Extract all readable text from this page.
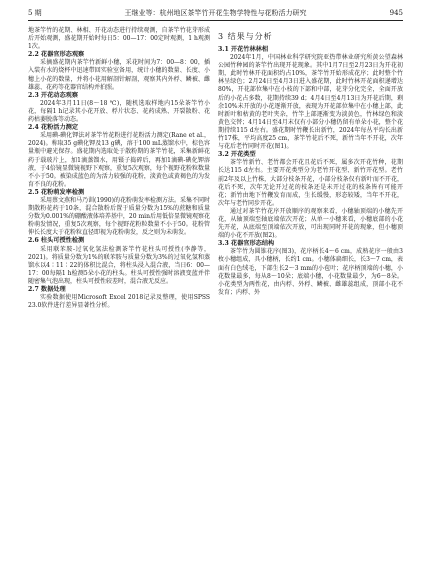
5 期	王继业等：杭州地区茶竿竹开花生物学特性与花粉活力研究	945

地茶竿竹的花期、林相、开花动态进行持续观测，自茶竿竹花芽形成后开始观测，盛花期开始时每日5：00—17：00定时观测，1 h观测1次。

2.2 花器官形态观察

采摘盛花期内茶竿竹新鲜小穗，采花时间为7：00—8：00，插入装有水的烧杯中迅速带回实验室备用，统计小穗的数量、长度、小穗上小花的数量，并将小花用解剖针解剖，观察其内外稃、鳞被、雌雄蕊、花药等花器官结构并拍照。

2.3 开花动态观察

2024年3月11日(8～18 ℃)，随机选取样地内15朵茶竿竹小花，每隔1 h记录其小花开放、稃片状态、花药成熟、开裂散粉、花药枯萎脱落等动态。

2.4 花粉活力测定

采用碘-碘化钾法对茶竿竹花粉进行花粉活力测定(Rane et al.，2024)。称取35 g碘化钾及13 g碘，溶于100 mL蒸馏水中，棕色容量瓶中避光保存。盛花期内选取处于散粉期的茶竿竹花，采集新鲜花药于载玻片上，加1滴蒸馏水，用镊子捣碎后，再加1滴碘-碘化钾溶液，于4倍镜显微镜视野下观察，重复5次观察，每个视野花粉粒数量不小于50。被染成蓝色的为活力较强的花粉，淡黄色或黄褐色的为发育不良的花粉。

2.5 花粉萌发率检测

采用蔡文燕和马乃训(1990)的花粉萌发率检测方法。采集不同时期散粉花药于10条，混合散粉后置于质量分数为15%的蔗糖和质量分数为0.001%的硼酸液体培养基中，20 min后用低倍显微镜观察花粉萌发情况，重复5次观察，每个视野花粉粒数量不小于50。花粉管伸长长度大于花粉粒直径即视为花粉萌发，反之则为未萌发。

2.6 柱头可授性检测

采用联苯胺-过氧化氢法检测茶竿竹花柱头可授性(李静等，2021)。将质量分数为1%的联苯胺与质量分数为3%的过氧化氢和蒸馏水以4∶11∶22的体积比混合，将柱头浸入混合液，当日6：00—17：00每隔1 h检测5朵小花的柱头。柱头可授性强时溶液变蓝并伴随密集气泡出现，柱头可授性较差时，混合液无反应。

2.7 数据处理

实验数据使用Microsoft Excel 2018记录及整理，使用SPSS 23.0软件进行差异显著性分析。

3 结果与分析

3.1 开花竹林林相

2024年1月，中国林业科学研究院亚热带林业研究所黄公望森林公园竹种园的茶竿竹出现开花现象。其中1月7日至2月23日为开花初期，此时竹林开花面积约占10%，茶竿竹开始形成花序；此时整个竹林呈绿色；2月24日至4月3日进入盛花期，此时竹林开花面积递增达80%，开花部位集中在小枝的下部和中部，花芽分化完全，全面开放后的小花占多数，花期持续39 d；4月4日至4月13日为开花后期，剩余10%未开放的小花逐渐开放，表现为开花部位集中在小穗上部，此时新叶和枯黄的老叶夹杂，竹竿上部逐渐变为淡黄色，竹林绿色和淡黄色交替；4月14日至4月末仅有小部分小穗仍留有单朵小花，整个花期持续115 d左右。盛花期时竹鞭长出新竹，2024年每丛平均长出新竹17株，平均高度25 cm，茶竿竹花后不死，新竹当年不开花，次年与花后老竹同时开花(图1)。

3.2 开花类型

茶竿竹新竹、老竹都会开花且花后不死，属多次开花竹种，花期长达115 d左右。主要开花类型分为老竹开花型、新竹开花型。老竹前2年及以上竹株，大部分枝条开花，小部分枝条仅有新叶而不开花，花后不死，次年无论开过花的枝条还是未开过花的枝条皆有可能开花；新竹由地下竹鞭发育而成，生长缓慢，形态较矮，当年不开花，次年与老竹同步开花。

通过对茶竿竹花序开放顺序的观察来看，小穗轴顶端的小穗先开花，从轴顶端至轴底端依次开花；从单一小穗来看，小穗底部的小花先开花，从底端至顶端依次开放，可出现同时开花的现象，但小穗顶端的小花不开放(图2)。

3.3 花器官形态结构

茶竿竹为圆锥花序(图3)，花序柄长4～6 cm，成熟花序一般由3枚小穗组成，具小穗柄，长约1 cm。小穗体扁细长，长3～7 cm，表面有白色绒毛，下部生长2～3 mm的小苞叶；花序柄顶端的小穗，小花数量最多，每从8～10朵；底端小穗，小花数量最少，为6～8朵。小花类型为两性花，由内稃、外稃、鳞被、雌雄蕊组成，顶部小花不发育；内稃、外
